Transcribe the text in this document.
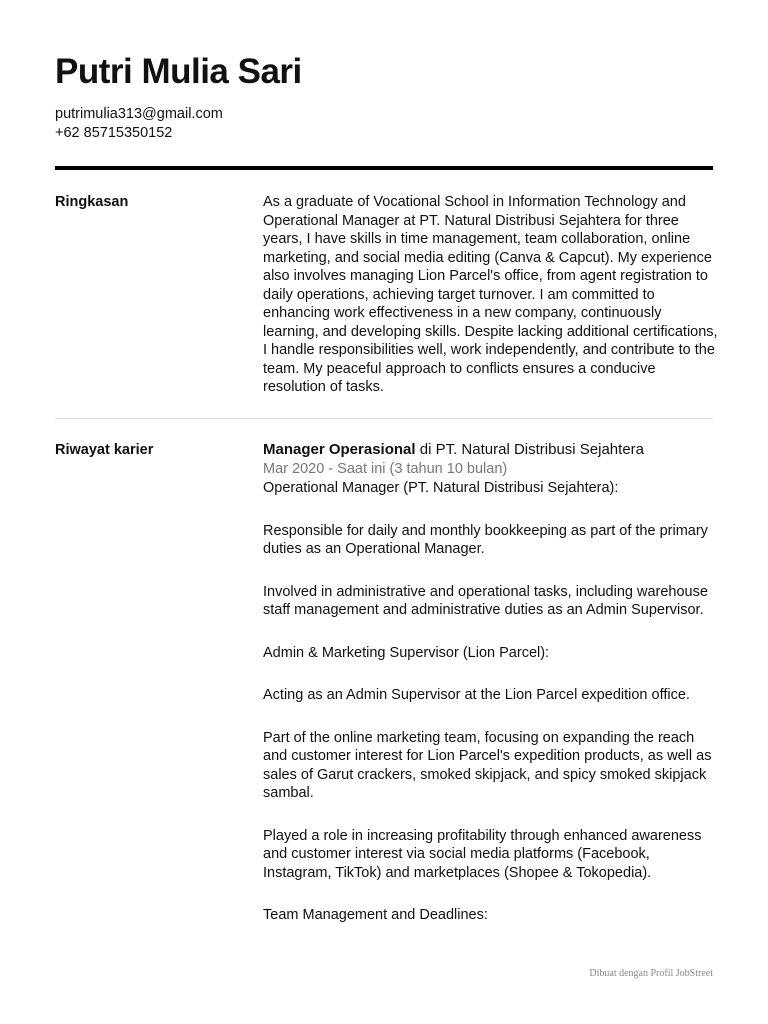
Putri Mulia Sari
putrimulia313@gmail.com
+62 85715350152
Ringkasan	As a graduate of Vocational School in Information Technology and Operational Manager at PT. Natural Distribusi Sejahtera for three years, I have skills in time management, team collaboration, online marketing, and social media editing (Canva & Capcut). My experience also involves managing Lion Parcel's office, from agent registration to daily operations, achieving target turnover. I am committed to enhancing work effectiveness in a new company, continuously learning, and developing skills. Despite lacking additional certifications, I handle responsibilities well, work independently, and contribute to the team. My peaceful approach to conflicts ensures a conducive resolution of tasks.
Riwayat karier	Manager Operasional di PT. Natural Distribusi Sejahtera
Mar 2020 - Saat ini (3 tahun 10 bulan)
Operational Manager (PT. Natural Distribusi Sejahtera):
Responsible for daily and monthly bookkeeping as part of the primary duties as an Operational Manager.
Involved in administrative and operational tasks, including warehouse staff management and administrative duties as an Admin Supervisor.
Admin & Marketing Supervisor (Lion Parcel):
Acting as an Admin Supervisor at the Lion Parcel expedition office.
Part of the online marketing team, focusing on expanding the reach and customer interest for Lion Parcel's expedition products, as well as sales of Garut crackers, smoked skipjack, and spicy smoked skipjack sambal.
Played a role in increasing profitability through enhanced awareness and customer interest via social media platforms (Facebook, Instagram, TikTok) and marketplaces (Shopee & Tokopedia).
Team Management and Deadlines:
Dibuat dengan Profil JobStreet
